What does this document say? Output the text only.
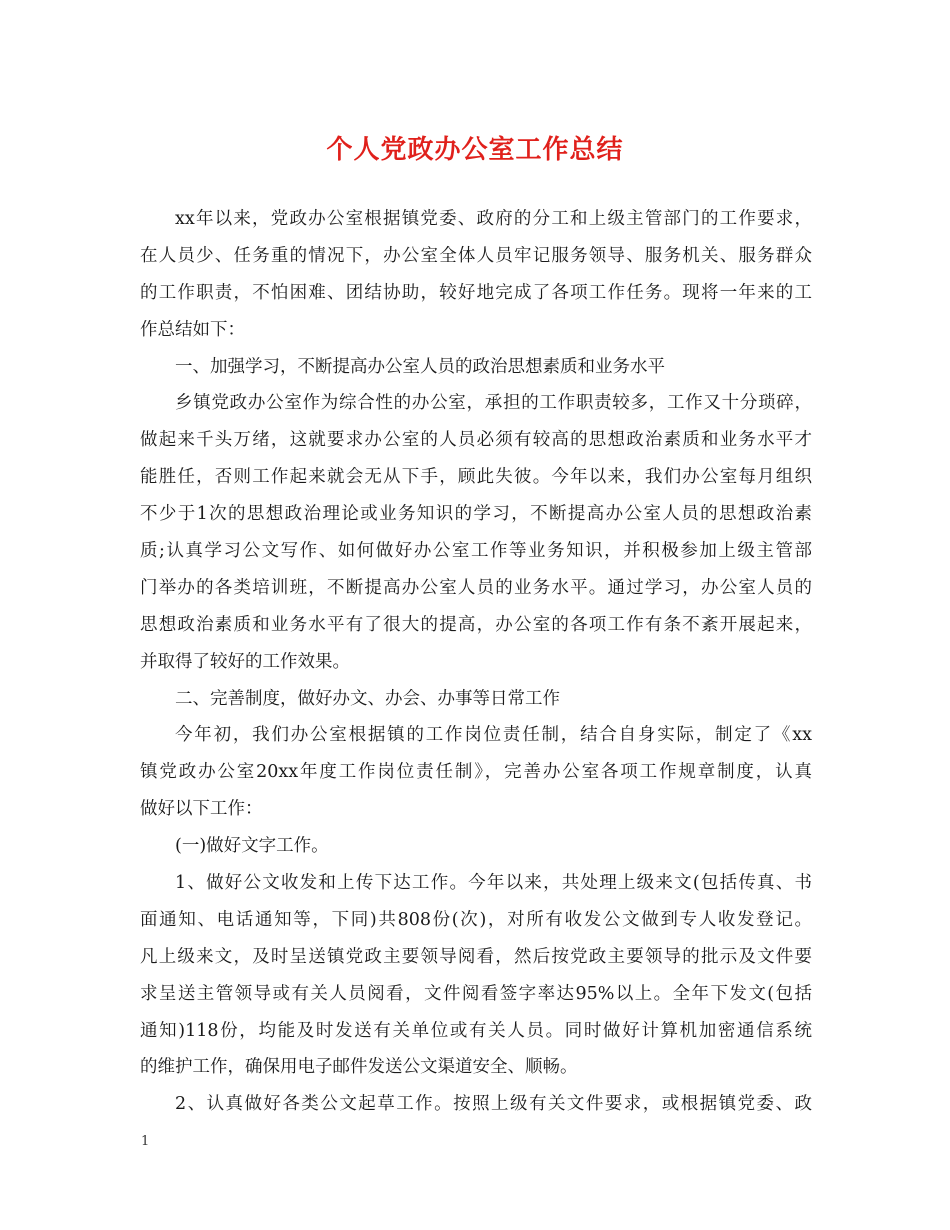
个人党政办公室工作总结
xx年以来，党政办公室根据镇党委、政府的分工和上级主管部门的工作要求，
在人员少、任务重的情况下，办公室全体人员牢记服务领导、服务机关、服务群众
的工作职责，不怕困难、团结协助，较好地完成了各项工作任务。现将一年来的工
作总结如下：
一、加强学习，不断提高办公室人员的政治思想素质和业务水平
乡镇党政办公室作为综合性的办公室，承担的工作职责较多，工作又十分琐碎，
做起来千头万绪，这就要求办公室的人员必须有较高的思想政治素质和业务水平才
能胜任，否则工作起来就会无从下手，顾此失彼。今年以来，我们办公室每月组织
不少于1次的思想政治理论或业务知识的学习，不断提高办公室人员的思想政治素
质;认真学习公文写作、如何做好办公室工作等业务知识，并积极参加上级主管部
门举办的各类培训班，不断提高办公室人员的业务水平。通过学习，办公室人员的
思想政治素质和业务水平有了很大的提高，办公室的各项工作有条不紊开展起来，
并取得了较好的工作效果。
二、完善制度，做好办文、办会、办事等日常工作
今年初，我们办公室根据镇的工作岗位责任制，结合自身实际，制定了《xx
镇党政办公室20xx年度工作岗位责任制》，完善办公室各项工作规章制度，认真
做好以下工作：
(一)做好文字工作。
1、做好公文收发和上传下达工作。今年以来，共处理上级来文(包括传真、书
面通知、电话通知等，下同)共808份(次)，对所有收发公文做到专人收发登记。
凡上级来文，及时呈送镇党政主要领导阅看，然后按党政主要领导的批示及文件要
求呈送主管领导或有关人员阅看，文件阅看签字率达95%以上。全年下发文(包括
通知)118份，均能及时发送有关单位或有关人员。同时做好计算机加密通信系统
的维护工作，确保用电子邮件发送公文渠道安全、顺畅。
2、认真做好各类公文起草工作。按照上级有关文件要求，或根据镇党委、政
1
